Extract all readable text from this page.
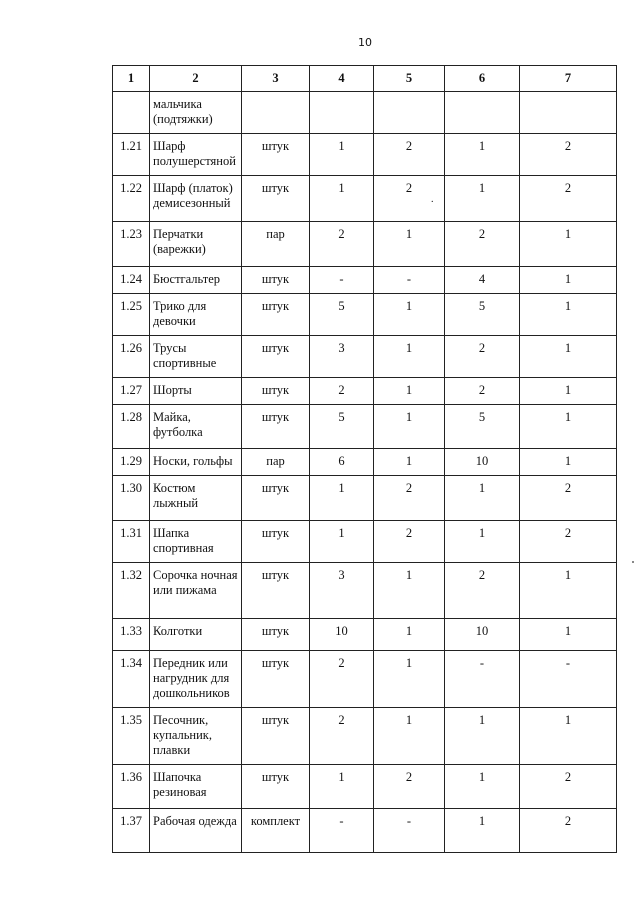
10
1	2	3	4	5	6	7
	мальчика (подтяжки)					
1.21	Шарф полушерстяной	штук	1	2	1	2
1.22	Шарф (платок) демисезонный	штук	1	2	1	2
1.23	Перчатки (варежки)	пар	2	1	2	1
1.24	Бюстгальтер	штук	-	-	4	1
1.25	Трико для девочки	штук	5	1	5	1
1.26	Трусы спортивные	штук	3	1	2	1
1.27	Шорты	штук	2	1	2	1
1.28	Майка, футболка	штук	5	1	5	1
1.29	Носки, гольфы	пар	6	1	10	1
1.30	Костюм лыжный	штук	1	2	1	2
1.31	Шапка спортивная	штук	1	2	1	2
1.32	Сорочка ночная или пижама	штук	3	1	2	1
1.33	Колготки	штук	10	1	10	1
1.34	Передник или нагрудник для дошкольников	штук	2	1	-	-
1.35	Песочник, купальник, плавки	штук	2	1	1	1
1.36	Шапочка резиновая	штук	1	2	1	2
1.37	Рабочая одежда	комплект	-	-	1	2
.
